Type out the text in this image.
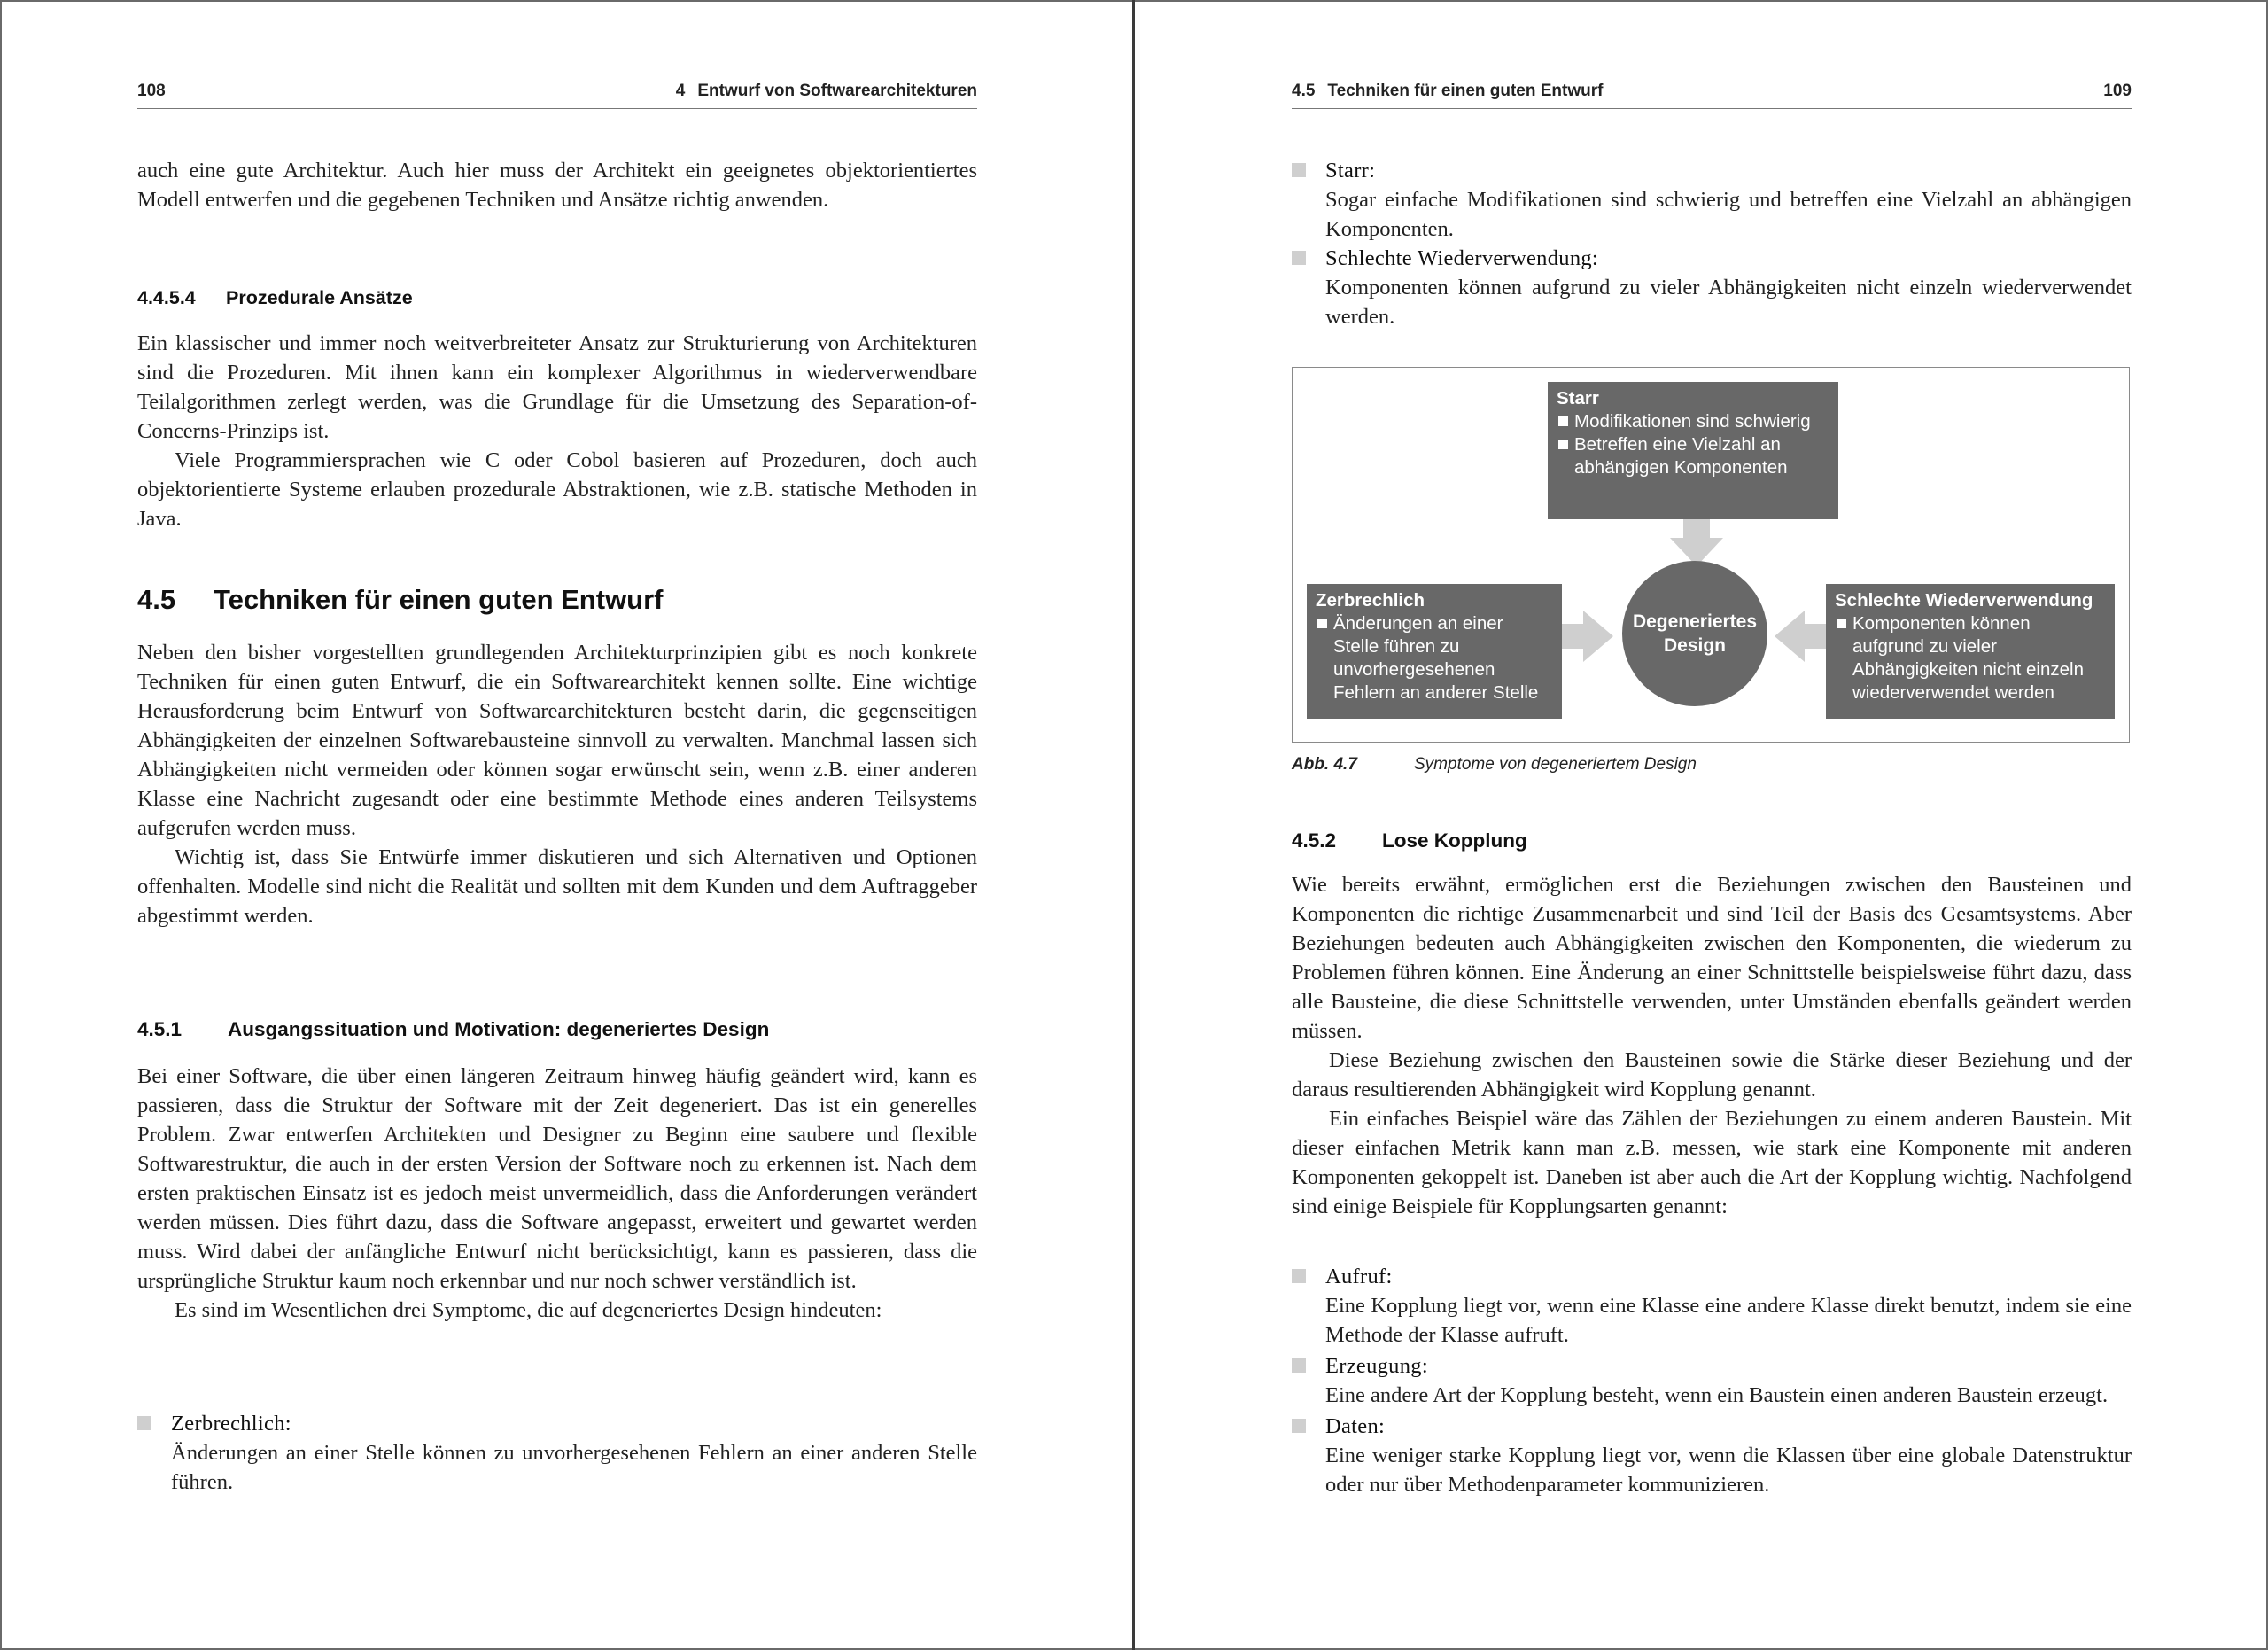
108	4 Entwurf von Softwarearchitekturen

auch eine gute Architektur. Auch hier muss der Architekt ein geeignetes objektorientiertes Modell entwerfen und die gegebenen Techniken und Ansätze richtig anwenden.

4.4.5.4 Prozedurale Ansätze

Ein klassischer und immer noch weitverbreiteter Ansatz zur Strukturierung von Architekturen sind die Prozeduren. Mit ihnen kann ein komplexer Algorithmus in wiederverwendbare Teilalgorithmen zerlegt werden, was die Grundlage für die Umsetzung des Separation-of-Concerns-Prinzips ist.

Viele Programmiersprachen wie C oder Cobol basieren auf Prozeduren, doch auch objektorientierte Systeme erlauben prozedurale Abstraktionen, wie z.B. statische Methoden in Java.

4.5 Techniken für einen guten Entwurf

Neben den bisher vorgestellten grundlegenden Architekturprinzipien gibt es noch konkrete Techniken für einen guten Entwurf, die ein Softwarearchitekt kennen sollte. Eine wichtige Herausforderung beim Entwurf von Softwarearchitekturen besteht darin, die gegenseitigen Abhängigkeiten der einzelnen Softwarebausteine sinnvoll zu verwalten. Manchmal lassen sich Abhängigkeiten nicht vermeiden oder können sogar erwünscht sein, wenn z.B. einer anderen Klasse eine Nachricht zugesandt oder eine bestimmte Methode eines anderen Teilsystems aufgerufen werden muss.

Wichtig ist, dass Sie Entwürfe immer diskutieren und sich Alternativen und Optionen offenhalten. Modelle sind nicht die Realität und sollten mit dem Kunden und dem Auftraggeber abgestimmt werden.

4.5.1 Ausgangssituation und Motivation: degeneriertes Design

Bei einer Software, die über einen längeren Zeitraum hinweg häufig geändert wird, kann es passieren, dass die Struktur der Software mit der Zeit degeneriert. Das ist ein generelles Problem. Zwar entwerfen Architekten und Designer zu Beginn eine saubere und flexible Softwarestruktur, die auch in der ersten Version der Software noch zu erkennen ist. Nach dem ersten praktischen Einsatz ist es jedoch meist unvermeidlich, dass die Anforderungen verändert werden müssen. Dies führt dazu, dass die Software angepasst, erweitert und gewartet werden muss. Wird dabei der anfängliche Entwurf nicht berücksichtigt, kann es passieren, dass die ursprüngliche Struktur kaum noch erkennbar und nur noch schwer verständlich ist.

Es sind im Wesentlichen drei Symptome, die auf degeneriertes Design hindeuten:

Zerbrechlich:
Änderungen an einer Stelle können zu unvorhergesehenen Fehlern an einer anderen Stelle führen.
4.5 Techniken für einen guten Entwurf	109
Starr:
Sogar einfache Modifikationen sind schwierig und betreffen eine Vielzahl an abhängigen Komponenten.
Schlechte Wiederverwendung:
Komponenten können aufgrund zu vieler Abhängigkeiten nicht einzeln wiederverwendet werden.
Starr
Modifikationen sind schwierig
Betreffen eine Vielzahl an abhängigen Komponenten
Zerbrechlich
Änderungen an einer Stelle führen zu unvorhergesehenen Fehlern an anderer Stelle
Degeneriertes Design
Schlechte Wiederverwendung
Komponenten können aufgrund zu vieler Abhängigkeiten nicht einzeln wiederverwendet werden
Abb. 4.7	Symptome von degeneriertem Design

4.5.2 Lose Kopplung

Wie bereits erwähnt, ermöglichen erst die Beziehungen zwischen den Bausteinen und Komponenten die richtige Zusammenarbeit und sind Teil der Basis des Gesamtsystems. Aber Beziehungen bedeuten auch Abhängigkeiten zwischen den Komponenten, die wiederum zu Problemen führen können. Eine Änderung an einer Schnittstelle beispielsweise führt dazu, dass alle Bausteine, die diese Schnittstelle verwenden, unter Umständen ebenfalls geändert werden müssen.

Diese Beziehung zwischen den Bausteinen sowie die Stärke dieser Beziehung und der daraus resultierenden Abhängigkeit wird Kopplung genannt.

Ein einfaches Beispiel wäre das Zählen der Beziehungen zu einem anderen Baustein. Mit dieser einfachen Metrik kann man z.B. messen, wie stark eine Komponente mit anderen Komponenten gekoppelt ist. Daneben ist aber auch die Art der Kopplung wichtig. Nachfolgend sind einige Beispiele für Kopplungsarten genannt:

Aufruf:
Eine Kopplung liegt vor, wenn eine Klasse eine andere Klasse direkt benutzt, indem sie eine Methode der Klasse aufruft.
Erzeugung:
Eine andere Art der Kopplung besteht, wenn ein Baustein einen anderen Baustein erzeugt.
Daten:
Eine weniger starke Kopplung liegt vor, wenn die Klassen über eine globale Datenstruktur oder nur über Methodenparameter kommunizieren.
